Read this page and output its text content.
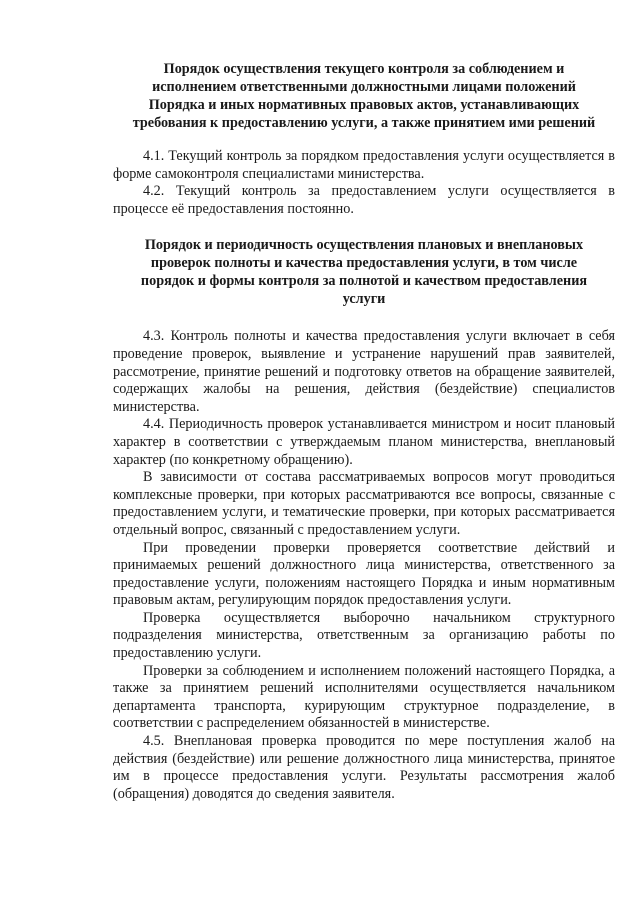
Порядок осуществления текущего контроля за соблюдением и
исполнением ответственными должностными лицами положений
Порядка и иных нормативных правовых актов, устанавливающих
требования к предоставлению услуги, а также принятием ими решений

4.1. Текущий контроль за порядком предоставления услуги осуществляется в форме самоконтроля специалистами министерства.

4.2. Текущий контроль за предоставлением услуги осуществляется в процессе её предоставления постоянно.

Порядок и периодичность осуществления плановых и внеплановых
проверок полноты и качества предоставления услуги, в том числе
порядок и формы контроля за полнотой и качеством предоставления
услуги

4.3. Контроль полноты и качества предоставления услуги включает в себя проведение проверок, выявление и устранение нарушений прав заявителей, рассмотрение, принятие решений и подготовку ответов на обращение заявителей, содержащих жалобы на решения, действия (бездействие) специалистов министерства.

4.4. Периодичность проверок устанавливается министром и носит плановый характер в соответствии с утверждаемым планом министерства, внеплановый характер (по конкретному обращению).

В зависимости от состава рассматриваемых вопросов могут проводиться комплексные проверки, при которых рассматриваются все вопросы, связанные с предоставлением услуги, и тематические проверки, при которых рассматривается отдельный вопрос, связанный с предоставлением услуги.

При проведении проверки проверяется соответствие действий и принимаемых решений должностного лица министерства, ответственного за предоставление услуги, положениям настоящего Порядка и иным нормативным правовым актам, регулирующим порядок предоставления услуги.

Проверка осуществляется выборочно начальником структурного подразделения министерства, ответственным за организацию работы по предоставлению услуги.

Проверки за соблюдением и исполнением положений настоящего Порядка, а также за принятием решений исполнителями осуществляется начальником департамента транспорта, курирующим структурное подразделение, в соответствии с распределением обязанностей в министерстве.

4.5. Внеплановая проверка проводится по мере поступления жалоб на действия (бездействие) или решение должностного лица министерства, принятое им в процессе предоставления услуги. Результаты рассмотрения жалоб (обращения) доводятся до сведения заявителя.
